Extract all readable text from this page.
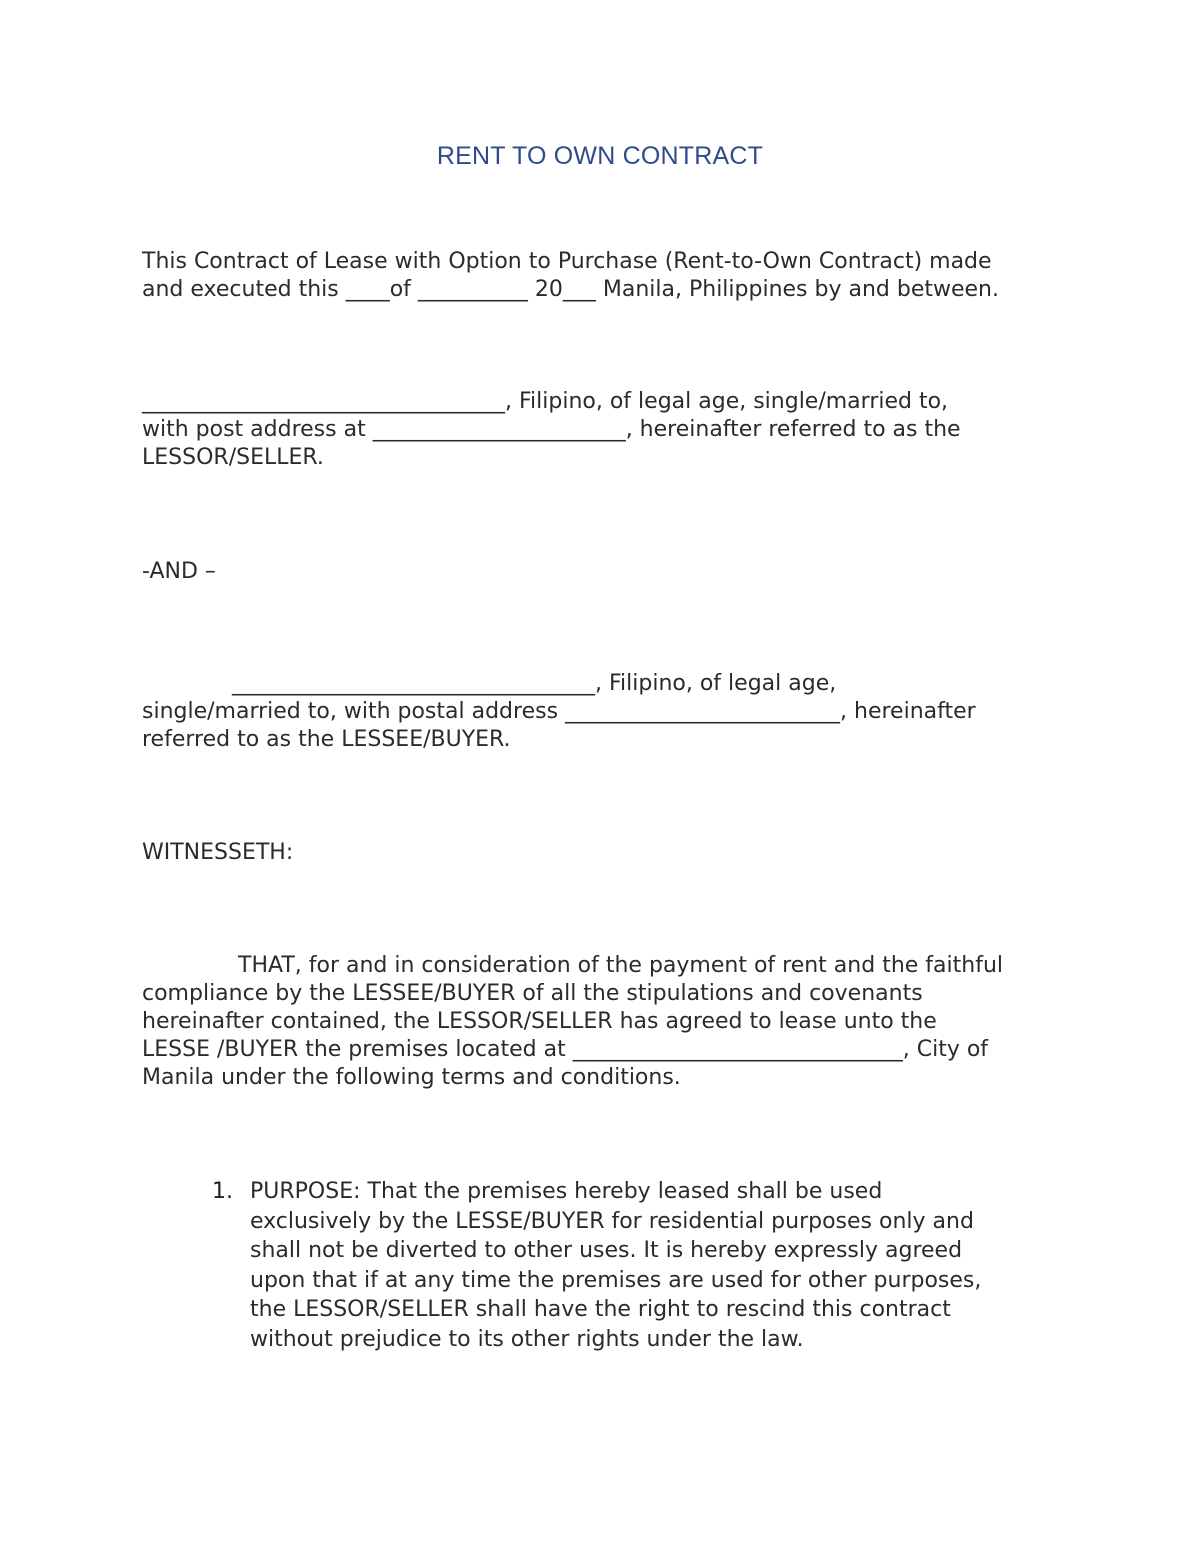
RENT TO OWN CONTRACT
This Contract of Lease with Option to Purchase (Rent-to-Own Contract) made
and executed this ____of __________ 20___ Manila, Philippines by and between.
_________________________________, Filipino, of legal age, single/married to,
with post address at _______________________, hereinafter referred to as the
LESSOR/SELLER.
-AND –
_________________________________, Filipino, of legal age,
single/married to, with postal address _________________________, hereinafter
referred to as the LESSEE/BUYER.
WITNESSETH:
THAT, for and in consideration of the payment of rent and the faithful
compliance by the LESSEE/BUYER of all the stipulations and covenants
hereinafter contained, the LESSOR/SELLER has agreed to lease unto the
LESSE /BUYER the premises located at ______________________________, City of
Manila under the following terms and conditions.
1. PURPOSE: That the premises hereby leased shall be used
exclusively by the LESSE/BUYER for residential purposes only and
shall not be diverted to other uses. It is hereby expressly agreed
upon that if at any time the premises are used for other purposes,
the LESSOR/SELLER shall have the right to rescind this contract
without prejudice to its other rights under the law.
